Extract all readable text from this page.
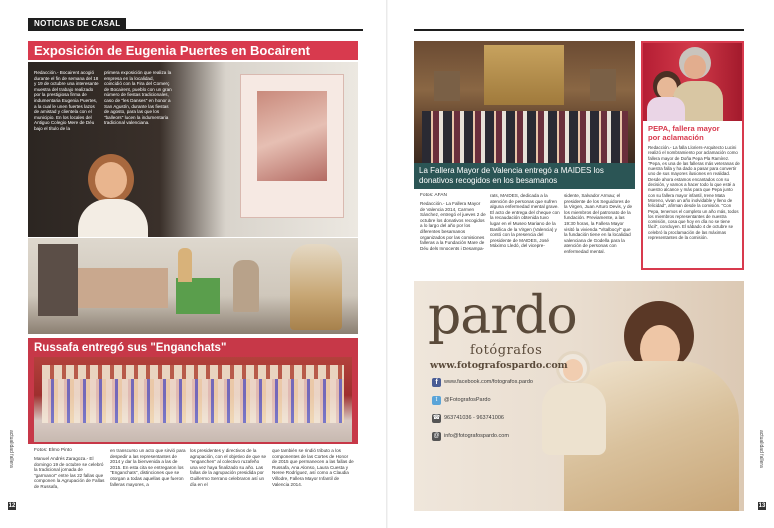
NOTICIAS DE CASAL
actualidad fallera
12
Exposición de Eugenia Puertes en Bocairent
Redacción.- Bocairent acogió durante el fin de semana del 18 y 19 de octubre una interesante muestra del trabajo realizado por la prestigiosa firma de indumentaria Eugenia Puertes, a la cual le unen fuertes lazos de amistad y clientela con el municipio. En los locales del Antiguo Colegio Mere de Déu bajo el título de la
primera exposición que realiza la empresa en la localidad, coincidió con la Fira del Comerç de Bocairent, pueblo con un gran número de fiestas tradicionales, caso de "les Danses" en honor a San Agustín, durante las fiestas de agosto, para las que los "balleors" lucen la indumentaria tradicional valenciana.
Russafa entregó sus "Enganchats"
Fotos: Elmo Pinto
Manuel Andrés Zaragoza.- El domingo 19 de octubre se celebró la tradicional jornada de "garmanor" entre las 22 fallas que componen la Agrupación de Fallas de Russafa,
en transcurso un acto que sirvió para despedir a las representantes de 2014 y dar la bienvenida a las de 2015. En esta cita se entregaron los "Enganchats", distinciones que se otorgan a todas aquellas que fueron falleras mayores, a
los presidentes y directivos de la agrupación, con el objetivo de que se "enganchen" al colectivo ruzafeño una vez haya finalizado su año. Las fallas de la agrupación presidida por Guillermo Serrano celebraron así un día en el
que también se rindió tributo a los componentes de las Cortes de Honor de 2015 que permanecen a las fallas de Russafa, Ana Alonso, Laura Cuesta y Neree Rodríguez, así como a Claudia Villodre, Fallera Mayor Infantil de Valencia 2014.
actualidad fallera
13
La Fallera Mayor de Valencia entregó a MAIDES los donativos recogidos en los besamanos
Fotos: AFAN
Redacción.- La Fallera Mayor de Valencia 2014, Carmen Sánchez, entregó el jueves 2 de octubre los donativos recogidos a lo largo del año por los diferentes besamanos organizados por las comisiones falleras a la Fundación Mare de Déu dels Innocents i Desampa-
rats, MAIDES, dedicada a la atención de personas que sufren alguna enfermedad mental grave. El acto de entrega del cheque con la recaudación obtenida tuvo lugar en el Museo Mariano de la Basílica de la Virgen (Valencia) y contó con la presencia del presidente de MAIDES, José Máximo Lledó, del vicepre-
sidente, Salvador Armau; el presidente de los Seguidores de la Virgen, Juan Arturo Devis, y de los miembros del patronato de la fundación. Previamente, a las 19:30 horas, la Fallera Mayor visitó la vivienda "Vitalbocyl" que la fundación tiene en la localidad valenciana de Godella para la atención de personas con enfermedad mental.
PEPA, fallera mayor
por aclamación
Redacción.- La falla Lloriers-Arquitecto Lucini realizó el nombramiento por aclamación como fallera mayor de Doña Pepa Pla Ramírez. "Pepa, es una de las falleras más veteranas de nuestra falla y ha dado a pasar para convertir uno de sus mayores ilusiones en realidad. Desde ahora estamos encantados con su decisión, y vamos a hacer todo lo que esté a nuestro alcance y más para que Pepa junto con su fallera mayor infantil, Irene Mata Moreno, vivan un año inolvidable y lleno de felicidad", afirman desde la comisión. "Con Pepa, tenemos el completo un año más, todos los miembros representantes de nuestra comisión, cosa que hoy en día no se tiene fácil", concluyen. El sábado 4 de octubre se celebró la proclamación de las máximas representantes de la comisión.
pardo
fotógrafos
www.fotografospardo.com
f	www.facebook.com/fotografos.pardo
t	@FotografosPardo
☎ 963741036 - 963741006
@ info@fotografospardo.com
